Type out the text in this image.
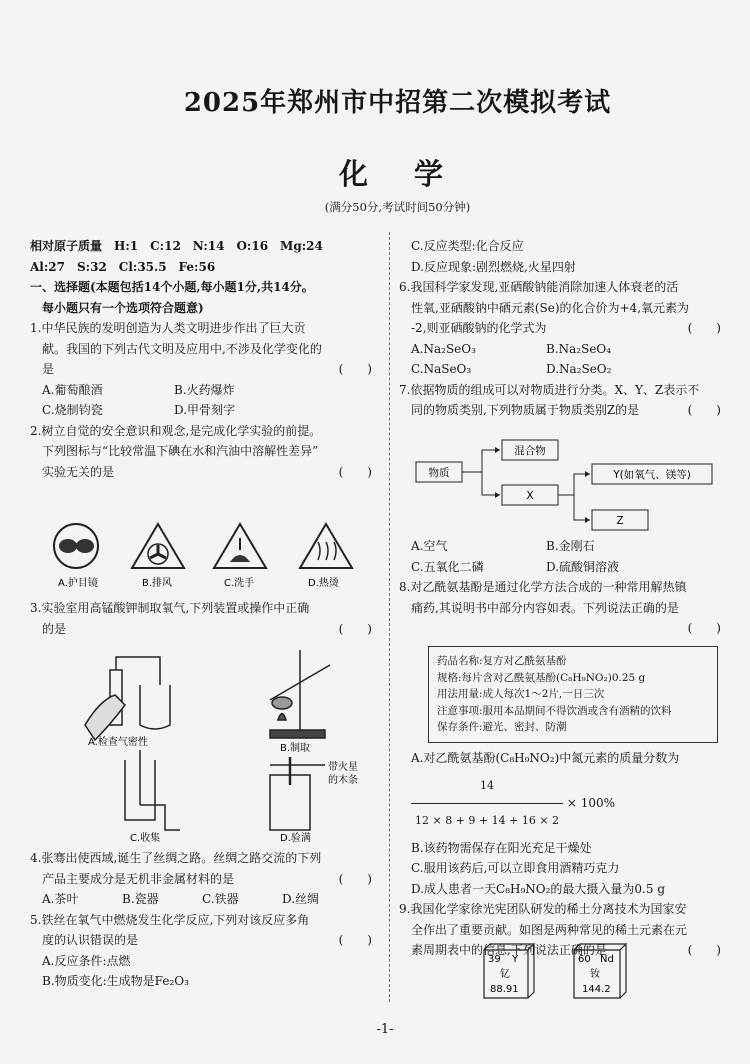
2025年郑州市中招第二次模拟考试
化 学
(满分50分,考试时间50分钟)

相对原子质量　H:1　C:12　N:14　O:16　Mg:24

Al:27　S:32　Cl:35.5　Fe:56

一、选择题(本题包括14个小题,每小题1分,共14分。

每小题只有一个选项符合题意)

1.中华民族的发明创造为人类文明进步作出了巨大贡

献。我国的下列古代文明及应用中,不涉及化学变化的

是	(　　)

A.葡萄酿酒	B.火药爆炸

C.烧制钧瓷	D.甲骨刻字

2.树立自觉的安全意识和观念,是完成化学实验的前提。

下列图标与“比较常温下碘在水和汽油中溶解性差异”

实验无关的是	(　　)

A.护目镜	B.排风	C.洗手	D.热烫

3.实验室用高锰酸钾制取氧气,下列装置或操作中正确

的是	(　　)

A.检查气密性
B.制取
C.收集	D.验满
带火星
的木条

4.张骞出使西域,诞生了丝绸之路。丝绸之路交流的下列

产品主要成分是无机非金属材料的是	(　　)

A.茶叶	B.瓷器	C.铁器	D.丝绸

5.铁丝在氧气中燃烧发生化学反应,下列对该反应多角

度的认识错误的是	(　　)

A.反应条件:点燃

B.物质变化:生成物是Fe₂O₃

C.反应类型:化合反应

D.反应现象:剧烈燃烧,火星四射

6.我国科学家发现,亚硒酸钠能消除加速人体衰老的活

性氧,亚硒酸钠中硒元素(Se)的化合价为+4,氧元素为

-2,则亚硒酸钠的化学式为	(　　)

A.Na₂SeO₃	B.Na₂SeO₄

C.NaSeO₃	D.Na₂SeO₂

7.依据物质的组成可以对物质进行分类。X、Y、Z表示不

同的物质类别,下列物质属于物质类别Z的是	(　　)

物质
混合物
X
Y(如氧气、镁等)
Z

A.空气	B.金刚石

C.五氧化二磷	D.硫酸铜溶液

8.对乙酰氨基酚是通过化学方法合成的一种常用解热镇

痛药,其说明书中部分内容如表。下列说法正确的是

(　　)

药品名称:复方对乙酰氨基酚
规格:每片含对乙酰氨基酚(C₈H₉NO₂)0.25 g
用法用量:成人每次1～2片,一日三次
注意事项:服用本品期间不得饮酒或含有酒精的饮料
保存条件:避光、密封、防潮

A.对乙酰氨基酚(C₈H₉NO₂)中氮元素的质量分数为

$\frac{14}{12 \times 8 + 9 + 14 + 16 \times 2} \times 100\%$

B.该药物需保存在阳光充足干燥处

C.服用该药后,可以立即食用酒精巧克力

D.成人患者一天C₈H₉NO₂的最大摄入量为0.5 g

9.我国化学家徐光宪团队研发的稀土分离技术为国家安

全作出了重要贡献。如图是两种常见的稀土元素在元

素周期表中的信息,下列说法正确的是	(　　)

39 Y
钇
88.91
60 Nd
钕
144.2
-1-
